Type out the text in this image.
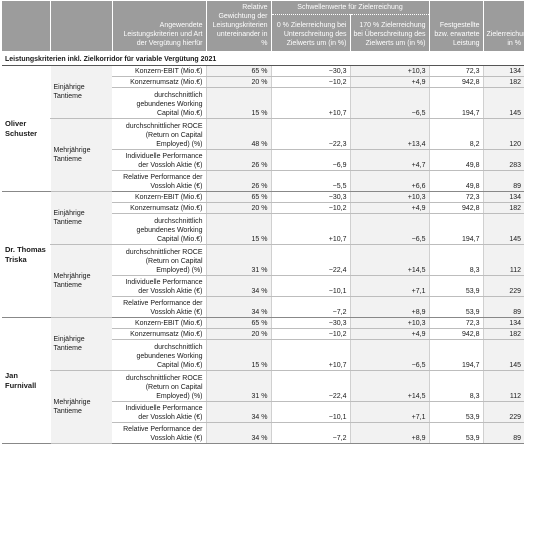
		Angewendete Leistungskriterien und Art der Vergütung hierfür	Relative Gewichtung der Leistungskriterien untereinander in %	Schwellenwerte für Zielerreichung		Festgestellte bzw. erwartete Leistung	Zielerreichungsgrad in %
				0 % Zielerreichung bei Unterschreitung des Zielwerts um (in %)	170 % Zielerreichung bei Überschreitung des Zielwerts um (in %)		
Leistungskriterien inkl. Zielkorridor für variable Vergütung 2021							
Oliver Schuster	Einjährige Tantieme	Konzern-EBIT (Mio.€)	65 %	−30,3	+10,3	72,3	134
		Konzernumsatz (Mio.€)	20 %	−10,2	+4,9	942,8	182
		durchschnittlich gebundenes Working Capital (Mio.€)	15 %	+10,7	−6,5	194,7	145
	Mehrjährige Tantieme	durchschnittlicher ROCE (Return on Capital Employed) (%)	48 %	−22,3	+13,4	8,2	120
		Individuelle Performance der Vossloh Aktie (€)	26 %	−6,9	+4,7	49,8	283
		Relative Performance der Vossloh Aktie (€)	26 %	−5,5	+6,6	49,8	89
Dr. Thomas Triska	Einjährige Tantieme	Konzern-EBIT (Mio.€)	65 %	−30,3	+10,3	72,3	134
		Konzernumsatz (Mio.€)	20 %	−10,2	+4,9	942,8	182
		durchschnittlich gebundenes Working Capital (Mio.€)	15 %	+10,7	−6,5	194,7	145
	Mehrjährige Tantieme	durchschnittlicher ROCE (Return on Capital Employed) (%)	31 %	−22,4	+14,5	8,3	112
		Individuelle Performance der Vossloh Aktie (€)	34 %	−10,1	+7,1	53,9	229
		Relative Performance der Vossloh Aktie (€)	34 %	−7,2	+8,9	53,9	89
Jan Furnivall	Einjährige Tantieme	Konzern-EBIT (Mio.€)	65 %	−30,3	+10,3	72,3	134
		Konzernumsatz (Mio.€)	20 %	−10,2	+4,9	942,8	182
		durchschnittlich gebundenes Working Capital (Mio.€)	15 %	+10,7	−6,5	194,7	145
	Mehrjährige Tantieme	durchschnittlicher ROCE (Return on Capital Employed) (%)	31 %	−22,4	+14,5	8,3	112
		Individuelle Performance der Vossloh Aktie (€)	34 %	−10,1	+7,1	53,9	229
		Relative Performance der Vossloh Aktie (€)	34 %	−7,2	+8,9	53,9	89
